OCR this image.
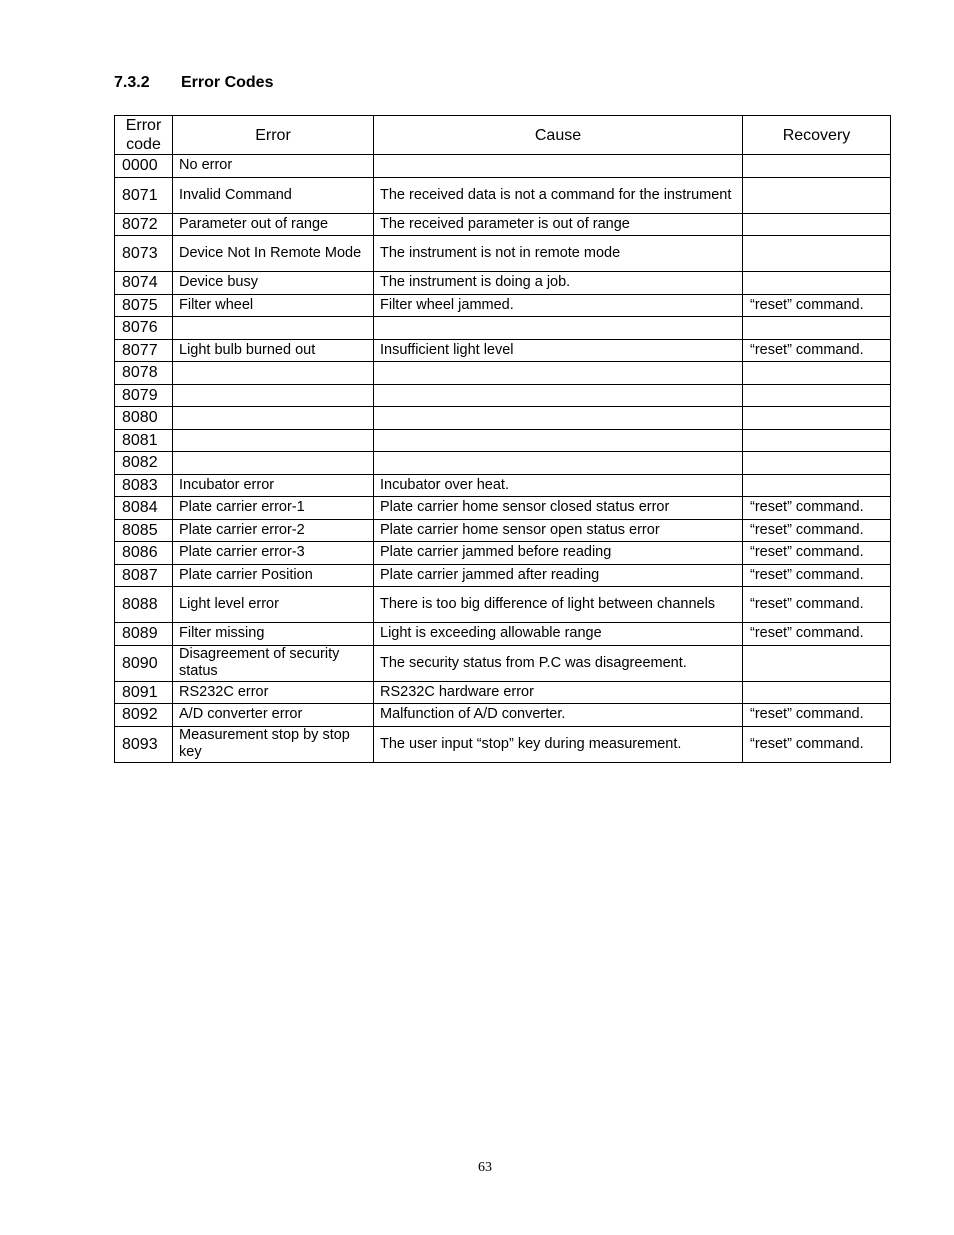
7.3.2 Error Codes
Error code	Error	Cause	Recovery
0000	No error		
8071	Invalid Command	The received data is not a command for the instrument	
8072	Parameter out of range	The received parameter is out of range	
8073	Device Not In Remote Mode	The instrument is not in remote mode	
8074	Device busy	The instrument is doing a job.	
8075	Filter wheel	Filter wheel jammed.	“reset” command.
8076			
8077	Light bulb burned out	Insufficient light level	“reset” command.
8078			
8079			
8080			
8081			
8082			
8083	Incubator error	Incubator over heat.	
8084	Plate carrier error-1	Plate carrier home sensor closed status error	“reset” command.
8085	Plate carrier error-2	Plate carrier home sensor open status error	“reset” command.
8086	Plate carrier error-3	Plate carrier jammed before reading	“reset” command.
8087	Plate carrier Position	Plate carrier jammed after reading	“reset” command.
8088	Light level error	There is too big difference of light between channels	“reset” command.
8089	Filter missing	Light is exceeding allowable range	“reset” command.
8090	Disagreement of security status	The security status from P.C was disagreement.	
8091	RS232C error	RS232C hardware error	
8092	A/D converter error	Malfunction of A/D converter.	“reset” command.
8093	Measurement stop by stop key	The user input “stop” key during measurement.	“reset” command.
63
